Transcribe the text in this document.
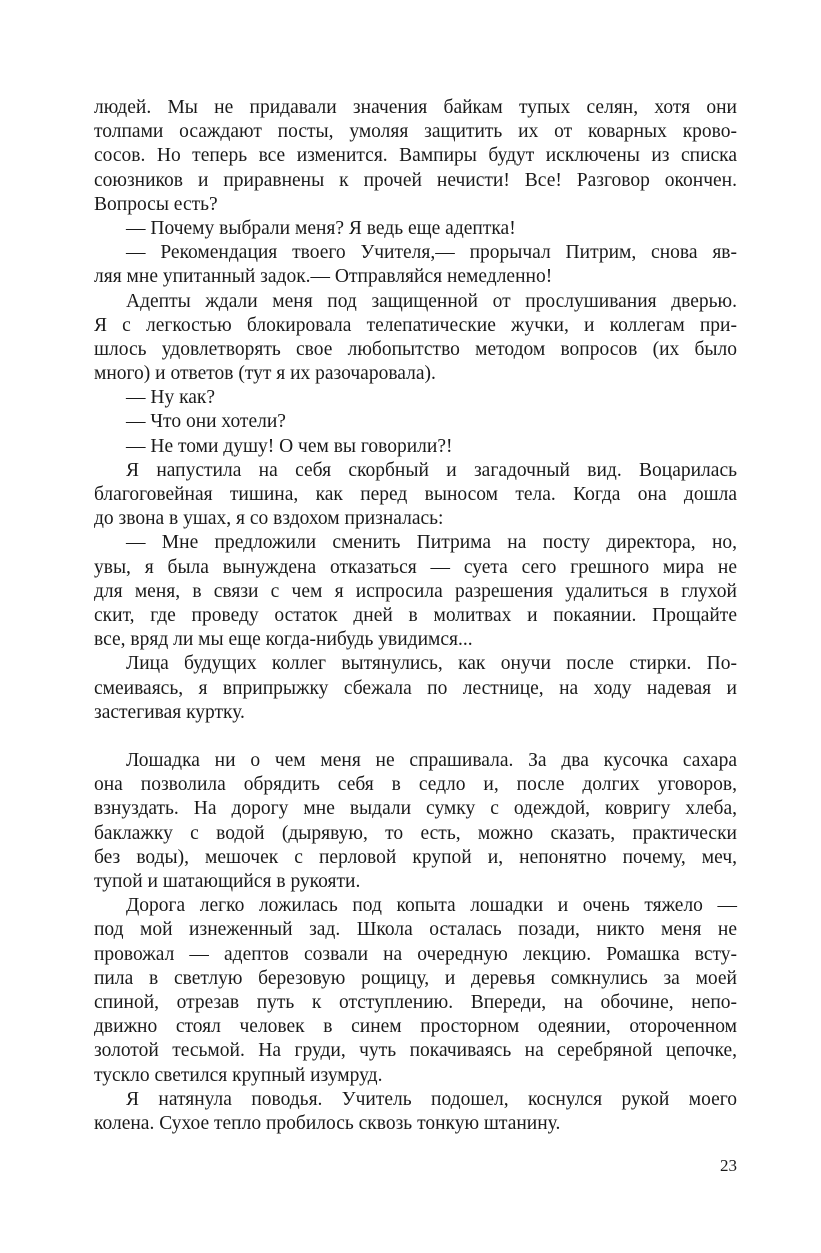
людей. Мы не придавали значения байкам тупых селян, хотя они
толпами осаждают посты, умоляя защитить их от коварных крово-
сосов. Но теперь все изменится. Вампиры будут исключены из списка
союзников и приравнены к прочей нечисти! Все! Разговор окончен.
Вопросы есть?
— Почему выбрали меня? Я ведь еще адептка!
— Рекомендация твоего Учителя,— прорычал Питрим, снова яв-
ляя мне упитанный задок.— Отправляйся немедленно!
Адепты ждали меня под защищенной от прослушивания дверью.
Я с легкостью блокировала телепатические жучки, и коллегам при-
шлось удовлетворять свое любопытство методом вопросов (их было
много) и ответов (тут я их разочаровала).
— Ну как?
— Что они хотели?
— Не томи душу! О чем вы говорили?!
Я напустила на себя скорбный и загадочный вид. Воцарилась
благоговейная тишина, как перед выносом тела. Когда она дошла
до звона в ушах, я со вздохом призналась:
— Мне предложили сменить Питрима на посту директора, но,
увы, я была вынуждена отказаться — суета сего грешного мира не
для меня, в связи с чем я испросила разрешения удалиться в глухой
скит, где проведу остаток дней в молитвах и покаянии. Прощайте
все, вряд ли мы еще когда-нибудь увидимся...
Лица будущих коллег вытянулись, как онучи после стирки. По-
смеиваясь, я вприпрыжку сбежала по лестнице, на ходу надевая и
застегивая куртку.
Лошадка ни о чем меня не спрашивала. За два кусочка сахара
она позволила обрядить себя в седло и, после долгих уговоров,
взнуздать. На дорогу мне выдали сумку с одеждой, ковригу хлеба,
баклажку с водой (дырявую, то есть, можно сказать, практически
без воды), мешочек с перловой крупой и, непонятно почему, меч,
тупой и шатающийся в рукояти.
Дорога легко ложилась под копыта лошадки и очень тяжело —
под мой изнеженный зад. Школа осталась позади, никто меня не
провожал — адептов созвали на очередную лекцию. Ромашка всту-
пила в светлую березовую рощицу, и деревья сомкнулись за моей
спиной, отрезав путь к отступлению. Впереди, на обочине, непо-
движно стоял человек в синем просторном одеянии, отороченном
золотой тесьмой. На груди, чуть покачиваясь на серебряной цепочке,
тускло светился крупный изумруд.
Я натянула поводья. Учитель подошел, коснулся рукой моего
колена. Сухое тепло пробилось сквозь тонкую штанину.
23
